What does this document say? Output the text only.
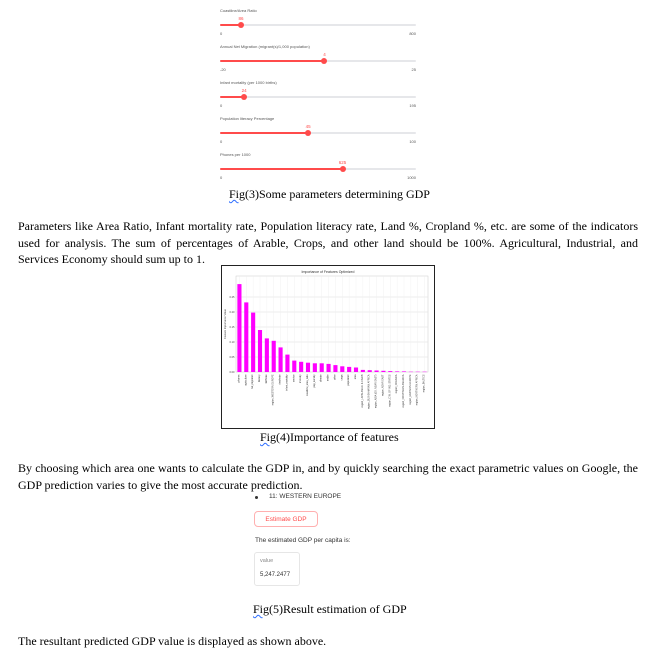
Coastline/Area Ratio
86
0	800
Annual Net Migration (migrant(s)/1,000 population)
4
-20	25
Infant mortality (per 1000 births)
24
0	195
Population literacy Percentage
45
0	100
Phones per 1000
625
0	1000
Fig(3)Some parameters determining GDP
Parameters like Area Ratio, Infant mortality rate, Population literacy rate, Land %, Cropland %, etc. are some of the indicators used for analysis. The sum of percentages of Arable, Crops, and other land should be 100%. Agricultural, Industrial, and Services Economy should sum up to 1.
Importance of Features Optimized
0.00
0.05
0.10
0.15
0.20
0.25
Feature Importance Value
phones agriculture net_migration literacy birthrate region_WESTERN EUROPE deathrate infant_mortality service industry coastline_area_ratio pop_density climate arable other crops population area region_LATIN AMER. & CARIB region_SUB-SAHARAN AFRICA region_ASIA (EX. NEAR EAST) region_NEAR EAST region_C.W. OF IND. STATES region_OCEANIA region_NORTHERN AMERICA region_EASTERN EUROPE region_NORTHERN AFRICA region_BALTICS
Fig(4)Importance of features
By choosing which area one wants to calculate the GDP in, and by quickly searching the exact parametric values on Google, the GDP prediction varies to give the most accurate prediction.
11: WESTERN EUROPE
Estimate GDP
The estimated GDP per capita is:
value
5,247.2477
Fig(5)Result estimation of GDP
The resultant predicted GDP value is displayed as shown above.
